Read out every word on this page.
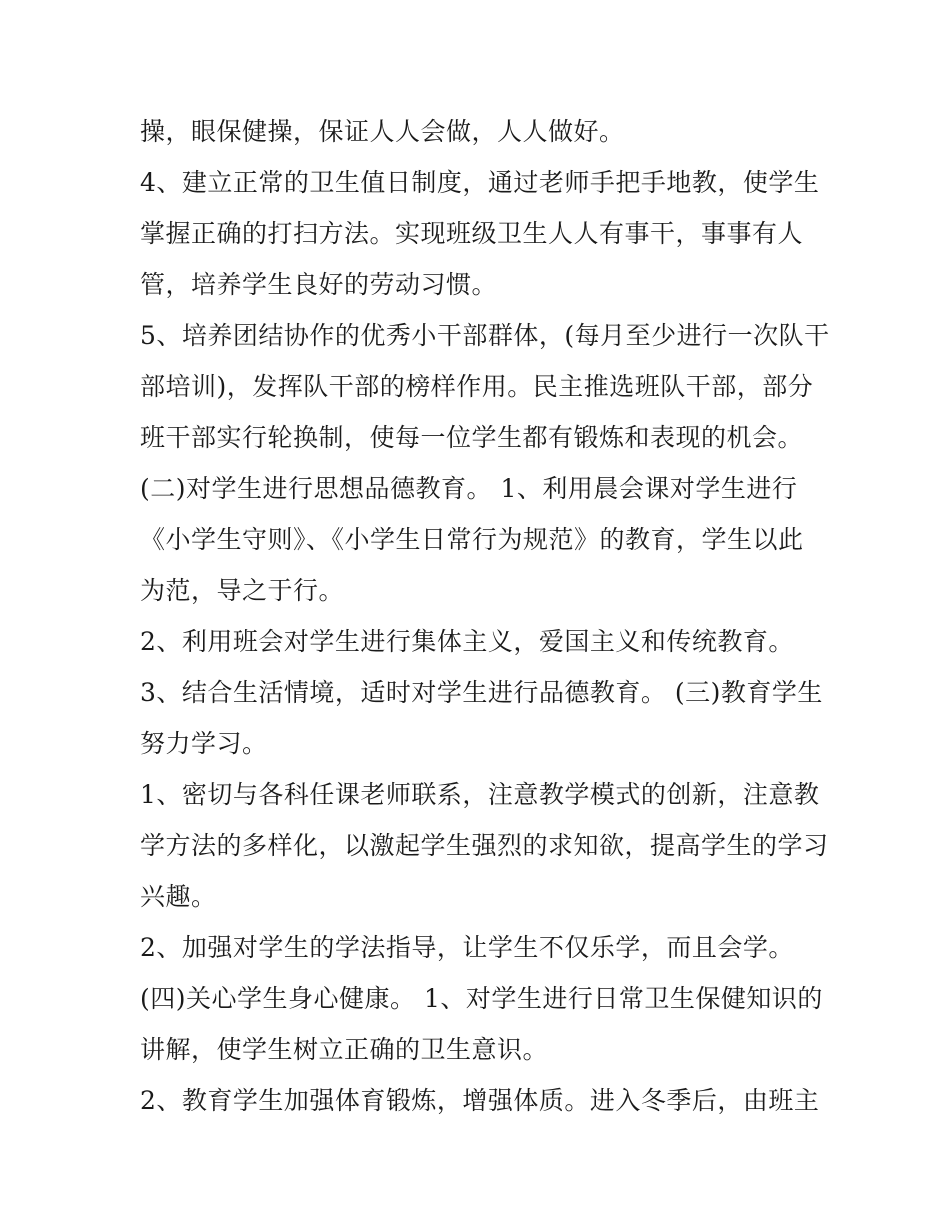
操，眼保健操，保证人人会做，人人做好。
4、建立正常的卫生值日制度，通过老师手把手地教，使学生
掌握正确的打扫方法。实现班级卫生人人有事干，事事有人
管，培养学生良好的劳动习惯。
5、培养团结协作的优秀小干部群体，(每月至少进行一次队干
部培训)，发挥队干部的榜样作用。民主推选班队干部，部分
班干部实行轮换制，使每一位学生都有锻炼和表现的机会。
(二)对学生进行思想品德教育。 1、利用晨会课对学生进行
《小学生守则》、《小学生日常行为规范》的教育，学生以此
为范，导之于行。
2、利用班会对学生进行集体主义，爱国主义和传统教育。
3、结合生活情境，适时对学生进行品德教育。 (三)教育学生
努力学习。
1、密切与各科任课老师联系，注意教学模式的创新，注意教
学方法的多样化，以激起学生强烈的求知欲，提高学生的学习
兴趣。
2、加强对学生的学法指导，让学生不仅乐学，而且会学。
(四)关心学生身心健康。 1、对学生进行日常卫生保健知识的
讲解，使学生树立正确的卫生意识。
2、教育学生加强体育锻炼，增强体质。进入冬季后，由班主
